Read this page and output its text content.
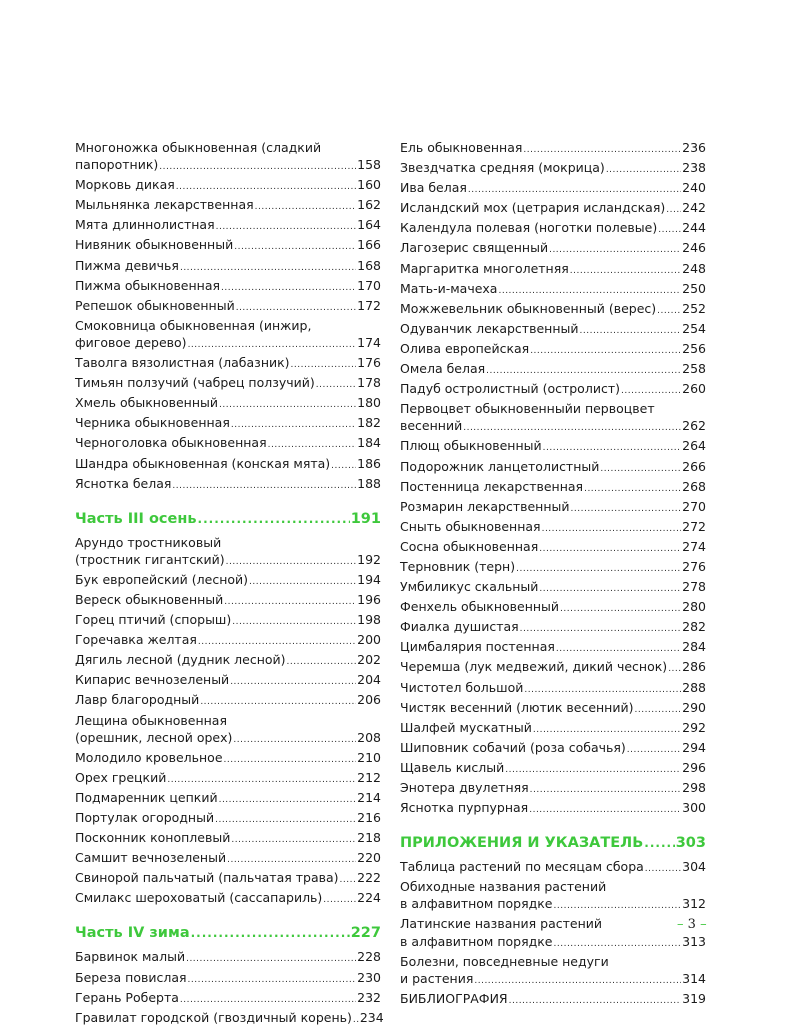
Многоножка обыкновенная (сладкий
папоротник) .....	158
Морковь дикая .....	160
Мыльнянка лекарственная .....	162
Мята длиннолистная .....	164
Нивяник обыкновенный .....	166
Пижма девичья .....	168
Пижма обыкновенная .....	170
Репешок обыкновенный .....	172
Смоковница обыкновенная (инжир,
фиговое дерево) .....	174
Таволга вязолистная (лабазник) .....	176
Тимьян ползучий (чабрец ползучий) .....	178
Хмель обыкновенный .....	180
Черника обыкновенная .....	182
Черноголовка обыкновенная .....	184
Шандра обыкновенная (конская мята) ..... 186
Яснотка белая .....	188
Часть III осень .....	191
Арундо тростниковый
(тростник гигантский) .....	192
Бук европейский (лесной) .....	194
Вереск обыкновенный .....	196
Горец птичий (спорыш) .....	198
Горечавка желтая .....	200
Дягиль лесной (дудник лесной) .....	202
Кипарис вечнозеленый .....	204
Лавр благородный .....	206
Лещина обыкновенная
(орешник, лесной орех) .....	208
Молодило кровельное .....	210
Орех грецкий .....	212
Подмаренник цепкий .....	214
Портулак огородный .....	216
Посконник коноплевый .....	218
Самшит вечнозеленый .....	220
Свинорой пальчатый (пальчатая трава) ..... 222
Смилакс шероховатый (сассапариль) .....	224
Часть IV зима .....	227
Барвинок малый .....	228
Береза повислая .....	230
Герань Роберта .....	232
Гравилат городской (гвоздичный корень) ..... 234
Ель обыкновенная .....	236
Звездчатка средняя (мокрица) .....	238
Ива белая .....	240
Исландский мох (цетрария исландская) ..... 242
Календула полевая (ноготки полевые) ..... 244
Лагозерис священный .....	246
Маргаритка многолетняя .....	248
Мать-и-мачеха .....	250
Можжевельник обыкновенный (верес) ..... 252
Одуванчик лекарственный .....	254
Олива европейская .....	256
Омела белая .....	258
Падуб остролистный (остролист) .....	260
Первоцвет обыкновенныйи первоцвет
весенний .....	262
Плющ обыкновенный .....	264
Подорожник ланцетолистный .....	266
Постенница лекарственная .....	268
Розмарин лекарственный .....	270
Сныть обыкновенная .....	272
Сосна обыкновенная .....	274
Терновник (терн) .....	276
Умбиликус скальный .....	278
Фенхель обыкновенный .....	280
Фиалка душистая .....	282
Цимбалярия постенная .....	284
Черемша (лук медвежий, дикий чеснок) ..... 286
Чистотел большой .....	288
Чистяк весенний (лютик весенний) .....	290
Шалфей мускатный .....	292
Шиповник собачий (роза собачья) .....	294
Щавель кислый .....	296
Энотера двулетняя .....	298
Яснотка пурпурная .....	300
ПРИЛОЖЕНИЯ И УКАЗАТЕЛЬ ..... 303
Таблица растений по месяцам сбора .....	304
Обиходные названия растений
в алфавитном порядке .....	312
Латинские названия растений
в алфавитном порядке .....	313
Болезни, повседневные недуги
и растения .....	314
БИБЛИОГРАФИЯ .....	319
– 3 –
